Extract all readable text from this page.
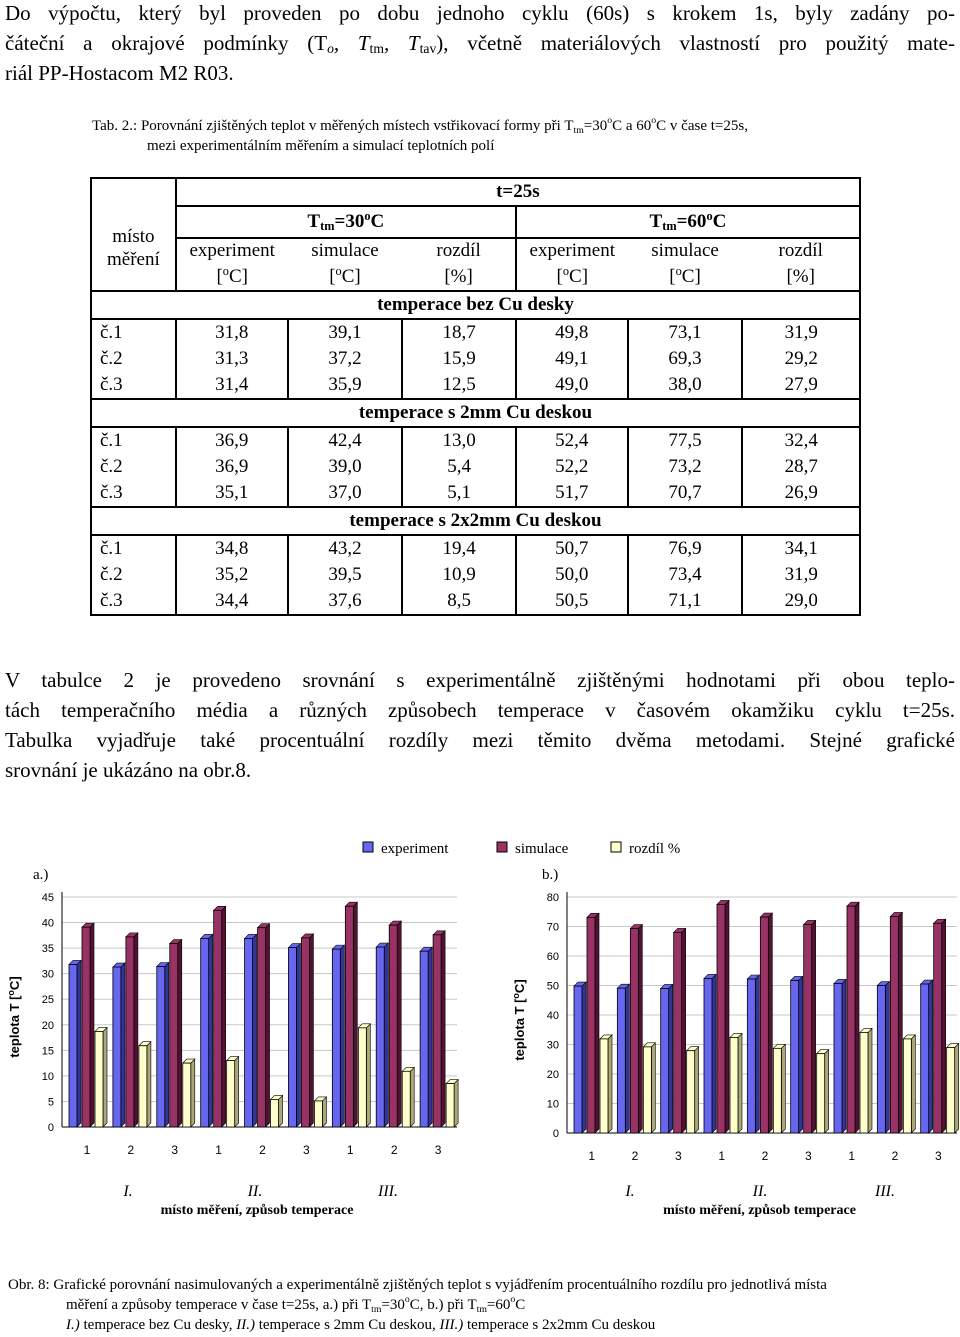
Do výpočtu, který byl proveden po dobu jednoho cyklu (60s) s krokem 1s, byly zadány po-
čáteční a okrajové podmínky ($T_o$, $T_{tm}$, $T_{tav}$), včetně materiálových vlastností pro použitý mate-
riál PP-Hostacom M2 R03.
Tab. 2.: Porovnání zjištěných teplot v měřených místech vstřikovací formy při $T_{tm}=30^oC$ a 60$^o$C v čase t=25s,
mezi experimentálním měřením a simulací teplotních polí
	t=25s					

místo
měření	$T_{tm}=30^oC$			$T_{tm}=60^oC$		
	experiment	simulace	rozdíl	experiment	simulace	rozdíl
	[$^o$C]	[$^o$C]	[%]	[$^o$C]	[$^o$C]	[%]
temperace bez Cu desky						
č.1	31,8	39,1	18,7	49,8	73,1	31,9
č.2	31,3	37,2	15,9	49,1	69,3	29,2
č.3	31,4	35,9	12,5	49,0	38,0	27,9
temperace s 2mm Cu deskou						
č.1	36,9	42,4	13,0	52,4	77,5	32,4
č.2	36,9	39,0	5,4	52,2	73,2	28,7
č.3	35,1	37,0	5,1	51,7	70,7	26,9
temperace s 2x2mm Cu deskou						
č.1	34,8	43,2	19,4	50,7	76,9	34,1
č.2	35,2	39,5	10,9	50,0	73,4	31,9
č.3	34,4	37,6	8,5	50,5	71,1	29,0
V tabulce 2 je provedeno srovnání s experimentálně zjištěnými hodnotami při obou teplo-
tách temperačního média a různých způsobech temperace v časovém okamžiku cyklu t=25s.
Tabulka vyjadřuje také procentuální rozdíly mezi těmito dvěma metodami. Stejné grafické
srovnání je ukázáno na obr.8.
experiment	simulace	rozdíl %
a.)
0
5
10
15
20
25
30
35
40
45
1	2	3	1	2	3	1	2	3
I.	II.	III.
místo měření, způsob temperace
teplota T [$^o$C]
b.)
0
10
20
30
40
50
60
70
80
1	2	3	1	2	3	1	2	3
I.	II.	III.
místo měření, způsob temperace
teplota T [$^o$C]
Obr. 8: Grafické porovnání nasimulovaných a experimentálně zjištěných teplot s vyjádřením procentuálního rozdílu pro jednotlivá místa
měření a způsoby temperace v čase t=25s, a.) při $T_{tm}=30^oC$, b.) při $T_{tm}=60^oC$
I.) temperace bez Cu desky, II.) temperace s 2mm Cu deskou, III.) temperace s 2x2mm Cu deskou
